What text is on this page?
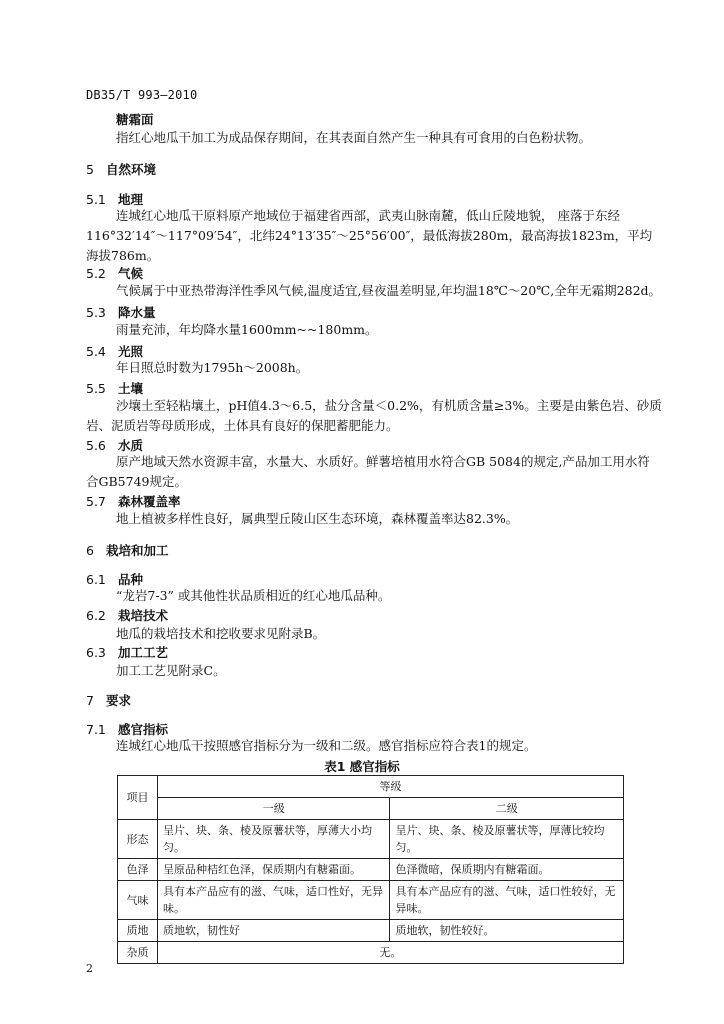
DB35/T 993—2010
糖霜面
指红心地瓜干加工为成品保存期间，在其表面自然产生一种具有可食用的白色粉状物。
5 自然环境
5.1 地理
连城红心地瓜干原料原产地域位于福建省西部，武夷山脉南麓，低山丘陵地貌， 座落于东经116°32′14″～117°09′54″，北纬24°13′35″～25°56′00″，最低海拔280m，最高海拔1823m，平均海拔786m。
5.2 气候
气候属于中亚热带海洋性季风气候,温度适宜,昼夜温差明显,年均温18℃～20℃,全年无霜期282d。
5.3 降水量
雨量充沛，年均降水量1600mm~~180mm。
5.4 光照
年日照总时数为1795h～2008h。
5.5 土壤
沙壤土至轻粘壤土，pH值4.3～6.5，盐分含量＜0.2%，有机质含量≥3%。主要是由紫色岩、砂质岩、泥质岩等母质形成，土体具有良好的保肥蓄肥能力。
5.6 水质
原产地域天然水资源丰富，水量大、水质好。鲜薯培植用水符合GB 5084的规定,产品加工用水符合GB5749规定。
5.7 森林覆盖率
地上植被多样性良好，属典型丘陵山区生态环境，森林覆盖率达82.3%。
6 栽培和加工
6.1 品种
“龙岩7-3” 或其他性状品质相近的红心地瓜品种。
6.2 栽培技术
地瓜的栽培技术和挖收要求见附录B。
6.3 加工工艺
加工工艺见附录C。
7 要求
7.1 感官指标
连城红心地瓜干按照感官指标分为一级和二级。感官指标应符合表1的规定。
表1 感官指标
项目	等级	
	一级	二级
形态	呈片、块、条、棱及原薯状等，厚薄大小均匀。	呈片、块、条、棱及原薯状等，厚薄比较均匀。
色泽	呈原品种桔红色泽，保质期内有糖霜面。	色泽微暗，保质期内有糖霜面。
气味	具有本产品应有的滋、气味，适口性好，无异味。	具有本产品应有的滋、气味，适口性较好，无异味。
质地	质地软，韧性好	质地软，韧性较好。
杂质	无。	
2
